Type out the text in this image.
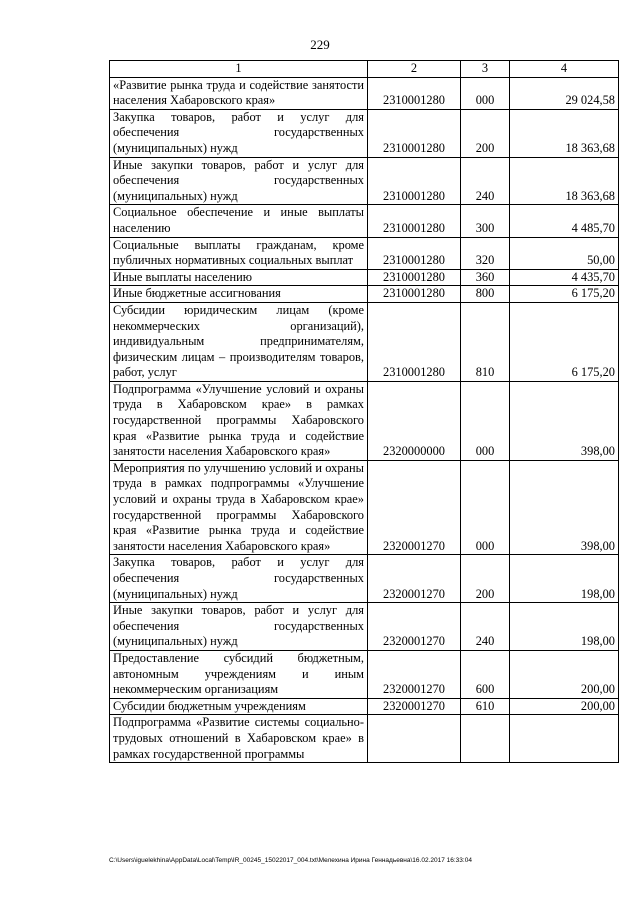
229
1	2	3	4
«Развитие рынка труда и содействие занятости населения Хабаровского края»	2310001280	000	29 024,58
Закупка товаров, работ и услуг для обеспечения государственных (муниципальных) нужд	2310001280	200	18 363,68
Иные закупки товаров, работ и услуг для обеспечения государственных (муниципальных) нужд	2310001280	240	18 363,68
Социальное обеспечение и иные выплаты населению	2310001280	300	4 485,70
Социальные выплаты гражданам, кроме публичных нормативных социальных выплат	2310001280	320	50,00
Иные выплаты населению	2310001280	360	4 435,70
Иные бюджетные ассигнования	2310001280	800	6 175,20
Субсидии юридическим лицам (кроме некоммерческих организаций), индивидуальным предпринимателям, физическим лицам – производителям товаров, работ, услуг	2310001280	810	6 175,20
Подпрограмма «Улучшение условий и охраны труда в Хабаровском крае» в рамках государственной программы Хабаровского края «Развитие рынка труда и содействие занятости населения Хабаровского края»	2320000000	000	398,00
Мероприятия по улучшению условий и охраны труда в рамках подпрограммы «Улучшение условий и охраны труда в Хабаровском крае» государственной программы Хабаровского края «Развитие рынка труда и содействие занятости населения Хабаровского края»	2320001270	000	398,00
Закупка товаров, работ и услуг для обеспечения государственных (муниципальных) нужд	2320001270	200	198,00
Иные закупки товаров, работ и услуг для обеспечения государственных (муниципальных) нужд	2320001270	240	198,00
Предоставление субсидий бюджетным, автономным учреждениям и иным некоммерческим организациям	2320001270	600	200,00
Субсидии бюджетным учреждениям	2320001270	610	200,00
Подпрограмма «Развитие системы социально-трудовых отношений в Хабаровском крае» в рамках государственной программы			
C:\Users\iguelekhina\AppData\Local\Temp\IR_00245_15022017_004.txt\Мелехина Ирина Геннадьевна\16.02.2017 16:33:04
